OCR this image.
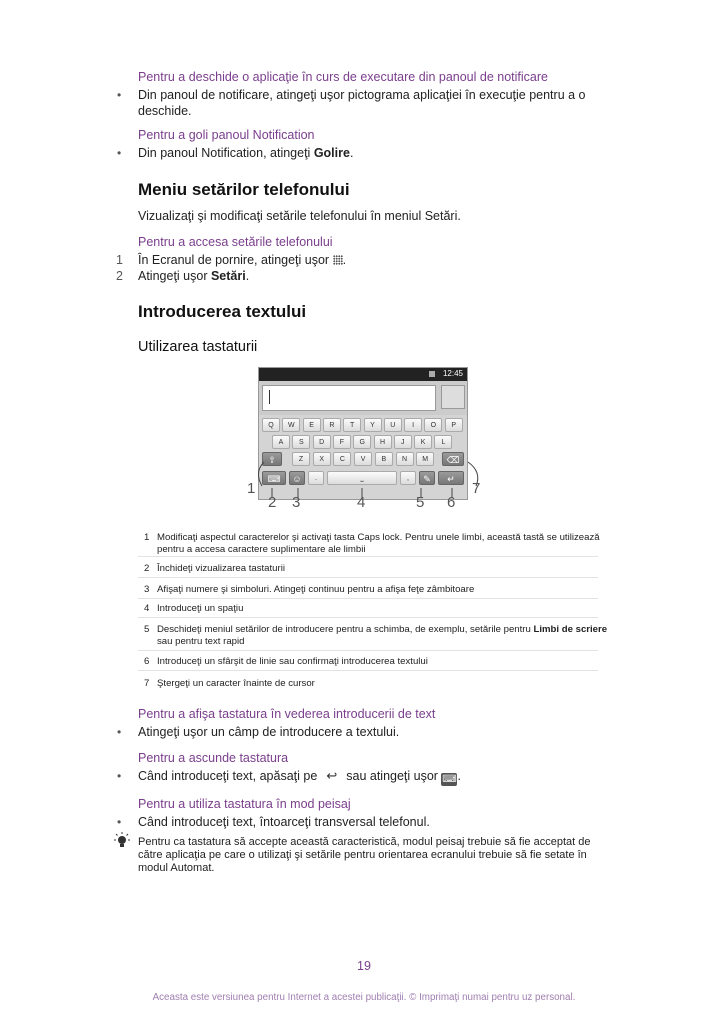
Pentru a deschide o aplicaţie în curs de executare din panoul de notificare
• Din panoul de notificare, atingeţi uşor pictograma aplicaţiei în execuţie pentru a o
deschide.
Pentru a goli panoul Notification
• Din panoul Notification, atingeţi Golire.
Meniu setărilor telefonului
Vizualizaţi şi modificaţi setările telefonului în meniul Setări.
Pentru a accesa setările telefonului
1 În Ecranul de pornire, atingeţi uşor .
2 Atingeţi uşor Setări.
Introducerea textului
Utilizarea tastaturii
12:45
Q	W	E	R	T	Y	U	I	O	P
A	S	D	F	G	H	J	K	L
⇧	⌫
Z	X	C	V	B	N	M
⌨	☺	.	⎵	,	✎	↵
1
2 3	4	5 6
7
1 Modificaţi aspectul caracterelor şi activaţi tasta Caps lock. Pentru unele limbi, această tastă se utilizează
pentru a accesa caractere suplimentare ale limbii
2 Închideţi vizualizarea tastaturii
3 Afişaţi numere şi simboluri. Atingeţi continuu pentru a afişa feţe zâmbitoare
4 Introduceţi un spaţiu
5 Deschideţi meniul setărilor de introducere pentru a schimba, de exemplu, setările pentru Limbi de scriere
sau pentru text rapid
6 Introduceţi un sfârşit de linie sau confirmaţi introducerea textului
7 Ştergeţi un caracter înainte de cursor
Pentru a afişa tastatura în vederea introducerii de text
• Atingeţi uşor un câmp de introducere a textului.
Pentru a ascunde tastatura
• Când introduceţi text, apăsaţi pe ↩ sau atingeţi uşor ⌨.
Pentru a utiliza tastatura în mod peisaj
• Când introduceţi text, întoarceţi transversal telefonul.
Pentru ca tastatura să accepte această caracteristică, modul peisaj trebuie să fie acceptat de
către aplicaţia pe care o utilizaţi şi setările pentru orientarea ecranului trebuie să fie setate în
modul Automat.
19
Aceasta este versiunea pentru Internet a acestei publicaţii. © Imprimaţi numai pentru uz personal.
